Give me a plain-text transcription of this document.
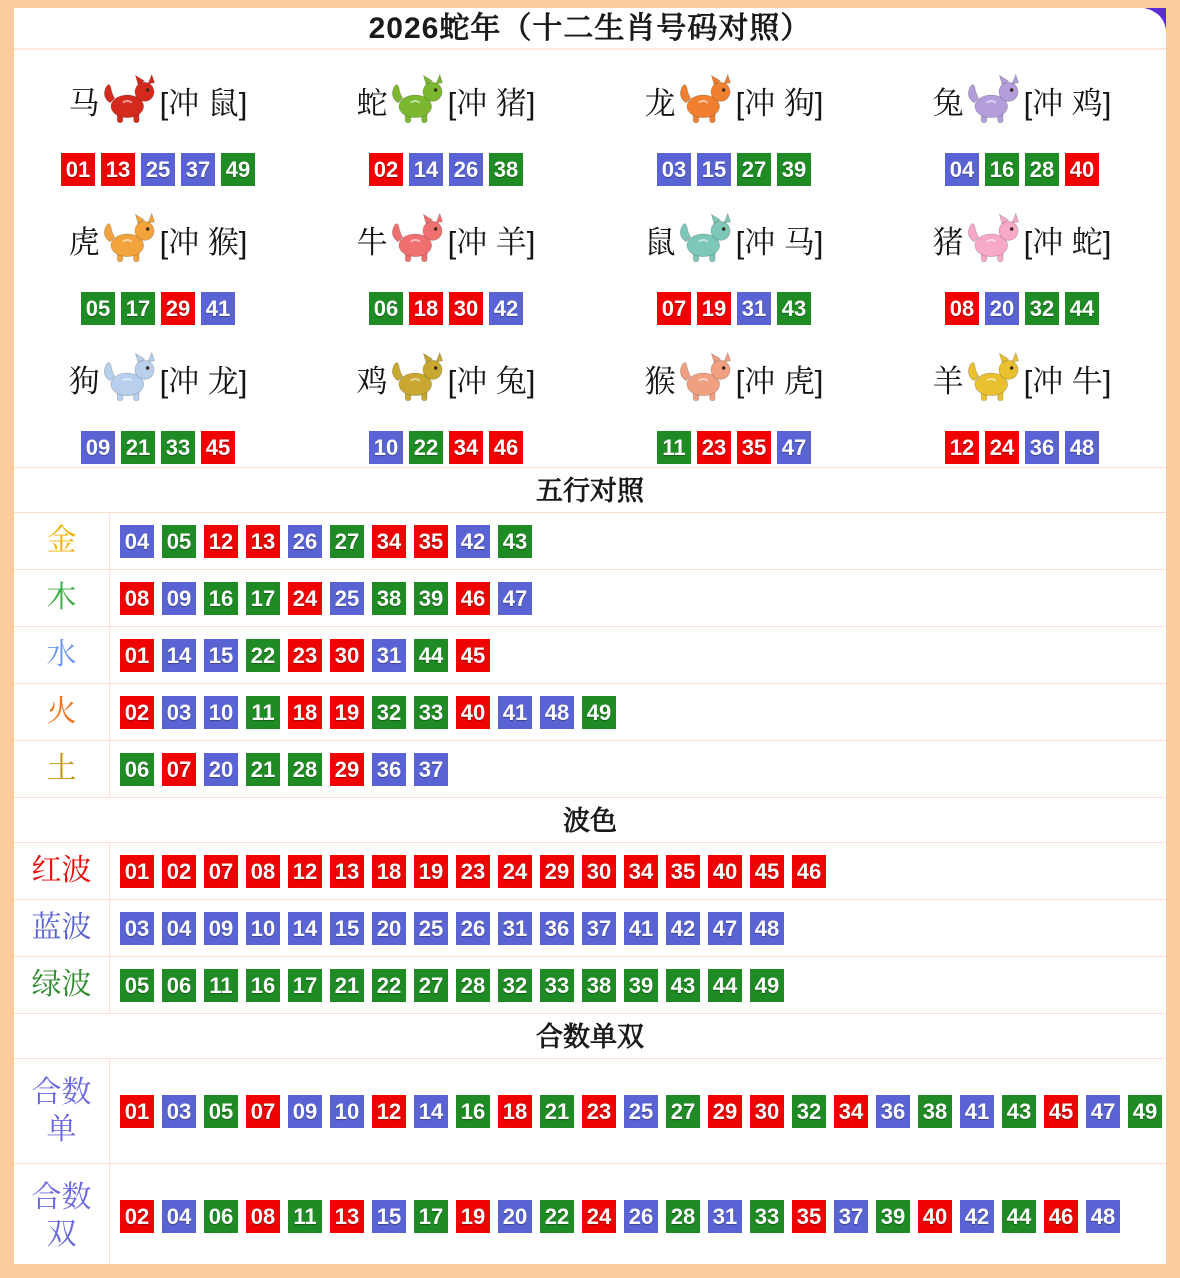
2026蛇年（十二生肖号码对照）
马 [冲 鼠]
01 13 25 37 49
蛇 [冲 猪]
02 14 26 38
龙 [冲 狗]
03 15 27 39
兔 [冲 鸡]
04 16 28 40
虎 [冲 猴]
05 17 29 41
牛 [冲 羊]
06 18 30 42
鼠 [冲 马]
07 19 31 43
猪 [冲 蛇]
08 20 32 44
狗 [冲 龙]
09 21 33 45
鸡 [冲 兔]
10 22 34 46
猴 [冲 虎]
11 23 35 47
羊 [冲 牛]
12 24 36 48
五行对照
金 04 05 12 13 26 27 34 35 42 43
木 08 09 16 17 24 25 38 39 46 47
水 01 14 15 22 23 30 31 44 45
火 02 03 10 11 18 19 32 33 40 41 48 49
土 06 07 20 21 28 29 36 37
波色
红波 01 02 07 08 12 13 18 19 23 24 29 30 34 35 40 45 46
蓝波 03 04 09 10 14 15 20 25 26 31 36 37 41 42 47 48
绿波 05 06 11 16 17 21 22 27 28 32 33 38 39 43 44 49
合数单双
合数
单
01 03 05 07 09 10 12 14 16 18 21 23 25 27 29 30 32 34 36 38 41 43 45 47 49
合数
双
02 04 06 08 11 13 15 17 19 20 22 24 26 28 31 33 35 37 39 40 42 44 46 48
